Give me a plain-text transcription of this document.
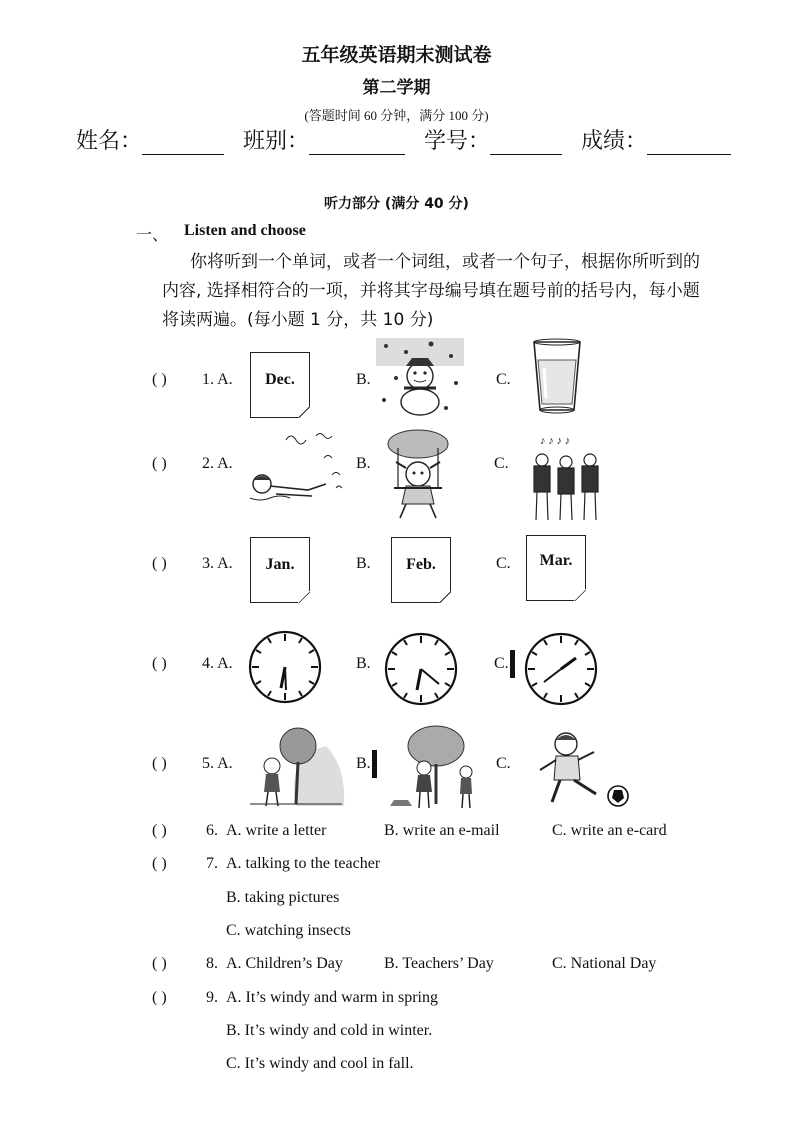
五年级英语期末测试卷
第二学期
(答题时间 60 分钟，满分 100 分)
姓名：	班别：	学号：	成绩：
听力部分 (满分 40 分)
一、 Listen and choose
你将听到一个单词，或者一个词组，或者一个句子，根据你所听到的
内容, 选择相符合的一项，并将其字母编号填在题号前的括号内，每小题
将读两遍。(每小题 1 分，共 10 分)
( ) 1. A.	Dec.	B.	C.
( ) 2. A.	B.	C.
♪ ♪ ♪ ♪
( ) 3. A.	Jan.	B.	Feb.	C.	Mar.
( ) 4. A.	B.	C.
( ) 5. A.	B.	C.
( ) 6. A. write a letter	B. write an e-mail	C. write an e-card
( ) 7. A. talking to the teacher
B. taking pictures
C. watching insects
( ) 8. A. Children’s Day	B. Teachers’ Day	C. National Day
( ) 9. A. It’s windy and warm in spring
B. It’s windy and cold in winter.
C. It’s windy and cool in fall.
